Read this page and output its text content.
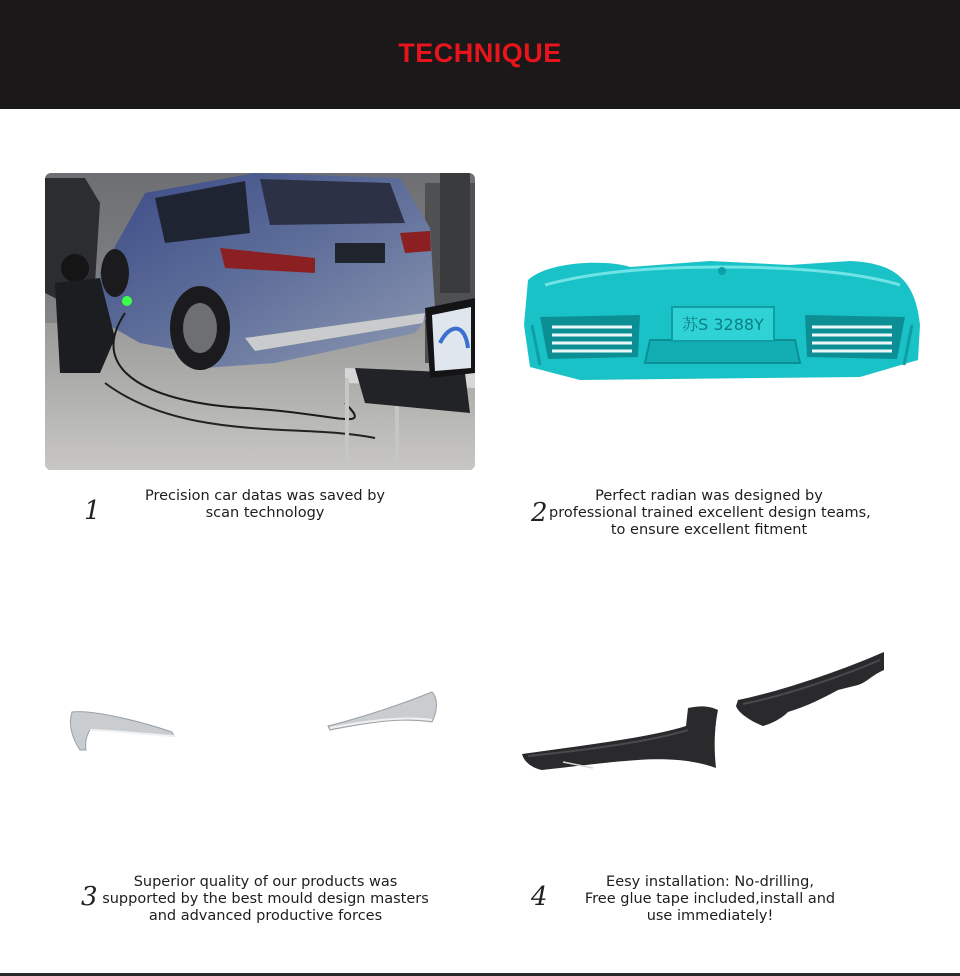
TECHNIQUE
苏S 3288Y
1	Precision car datas was saved by
scan technology	2
Perfect radian was designed by
professional trained excellent design teams,
to ensure excellent fitment
3	Superior quality of our products was
supported by the best mould design masters
and advanced productive forces
4	Eesy installation: No-drilling,
Free glue tape included,install and
use immediately!
